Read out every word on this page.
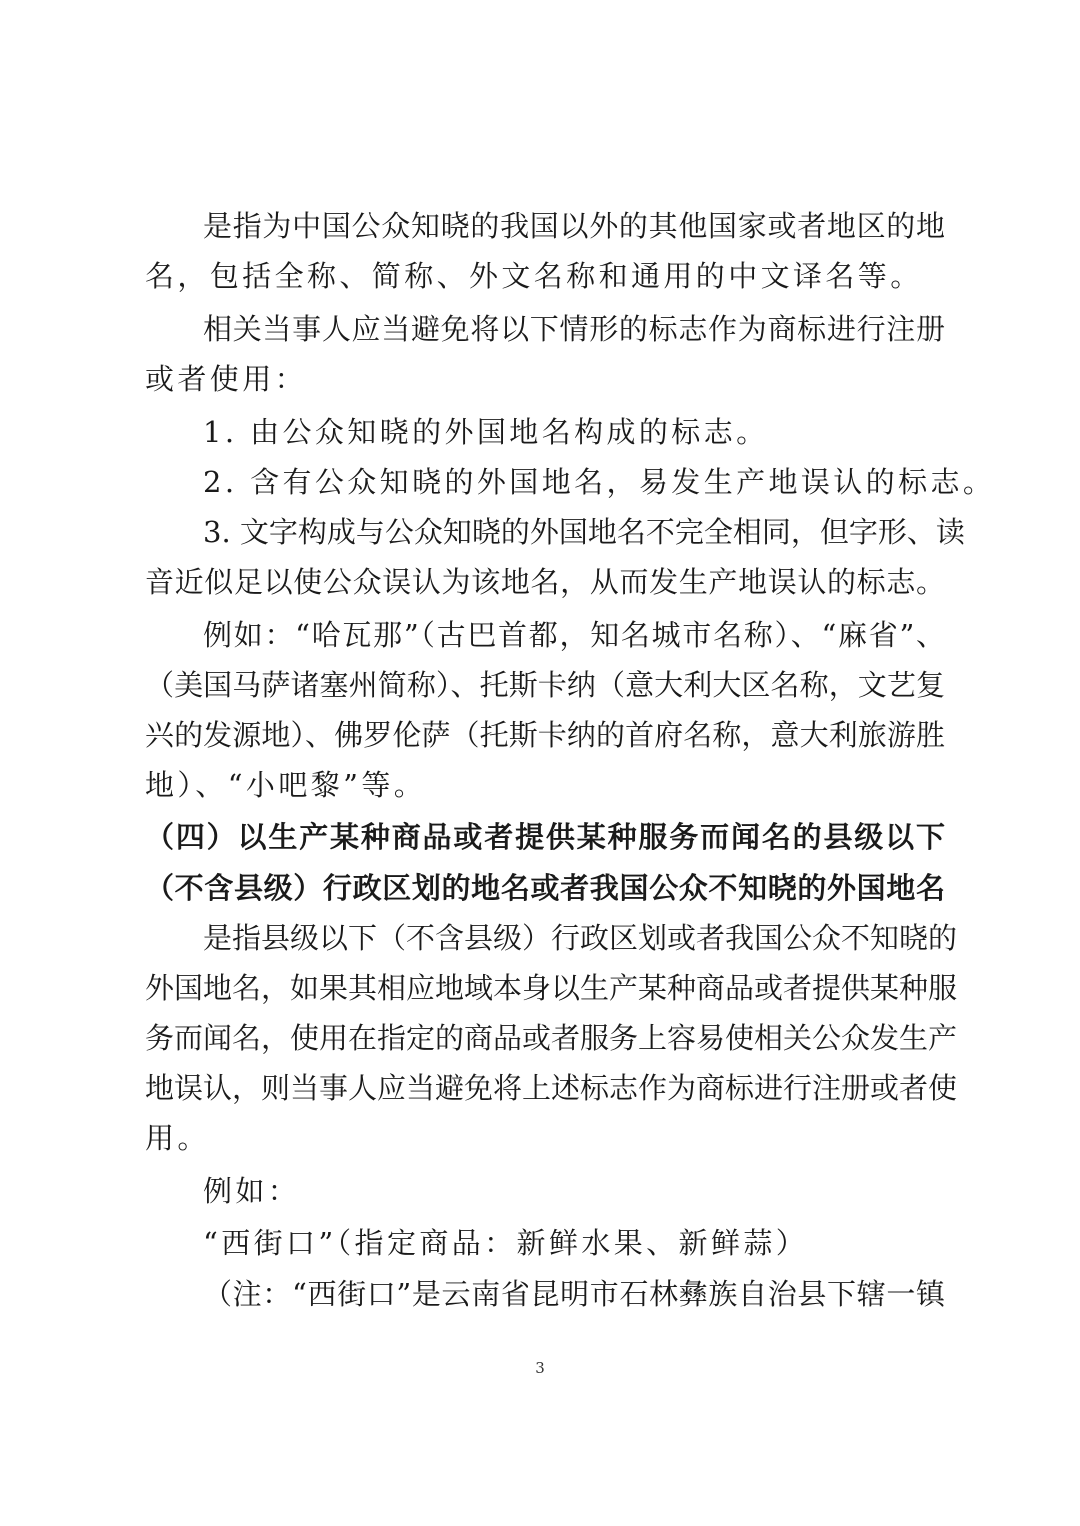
是指为中国公众知晓的我国以外的其他国家或者地区的地
名，包括全称、简称、外文名称和通用的中文译名等。
相关当事人应当避免将以下情形的标志作为商标进行注册
或者使用：
1. 由公众知晓的外国地名构成的标志。
2. 含有公众知晓的外国地名，易发生产地误认的标志。
3. 文字构成与公众知晓的外国地名不完全相同，但字形、读
音近似足以使公众误认为该地名，从而发生产地误认的标志。
例如：“哈瓦那”（古巴首都，知名城市名称）、“麻省”、
（美国马萨诸塞州简称）、托斯卡纳（意大利大区名称，文艺复
兴的发源地）、佛罗伦萨（托斯卡纳的首府名称，意大利旅游胜
地）、“小吧黎”等。
（四）以生产某种商品或者提供某种服务而闻名的县级以下
（不含县级）行政区划的地名或者我国公众不知晓的外国地名
是指县级以下（不含县级）行政区划或者我国公众不知晓的
外国地名，如果其相应地域本身以生产某种商品或者提供某种服
务而闻名，使用在指定的商品或者服务上容易使相关公众发生产
地误认，则当事人应当避免将上述标志作为商标进行注册或者使
用。
例如：
“西街口”（指定商品：新鲜水果、新鲜蒜）
（注：“西街口”是云南省昆明市石林彝族自治县下辖一镇
3
